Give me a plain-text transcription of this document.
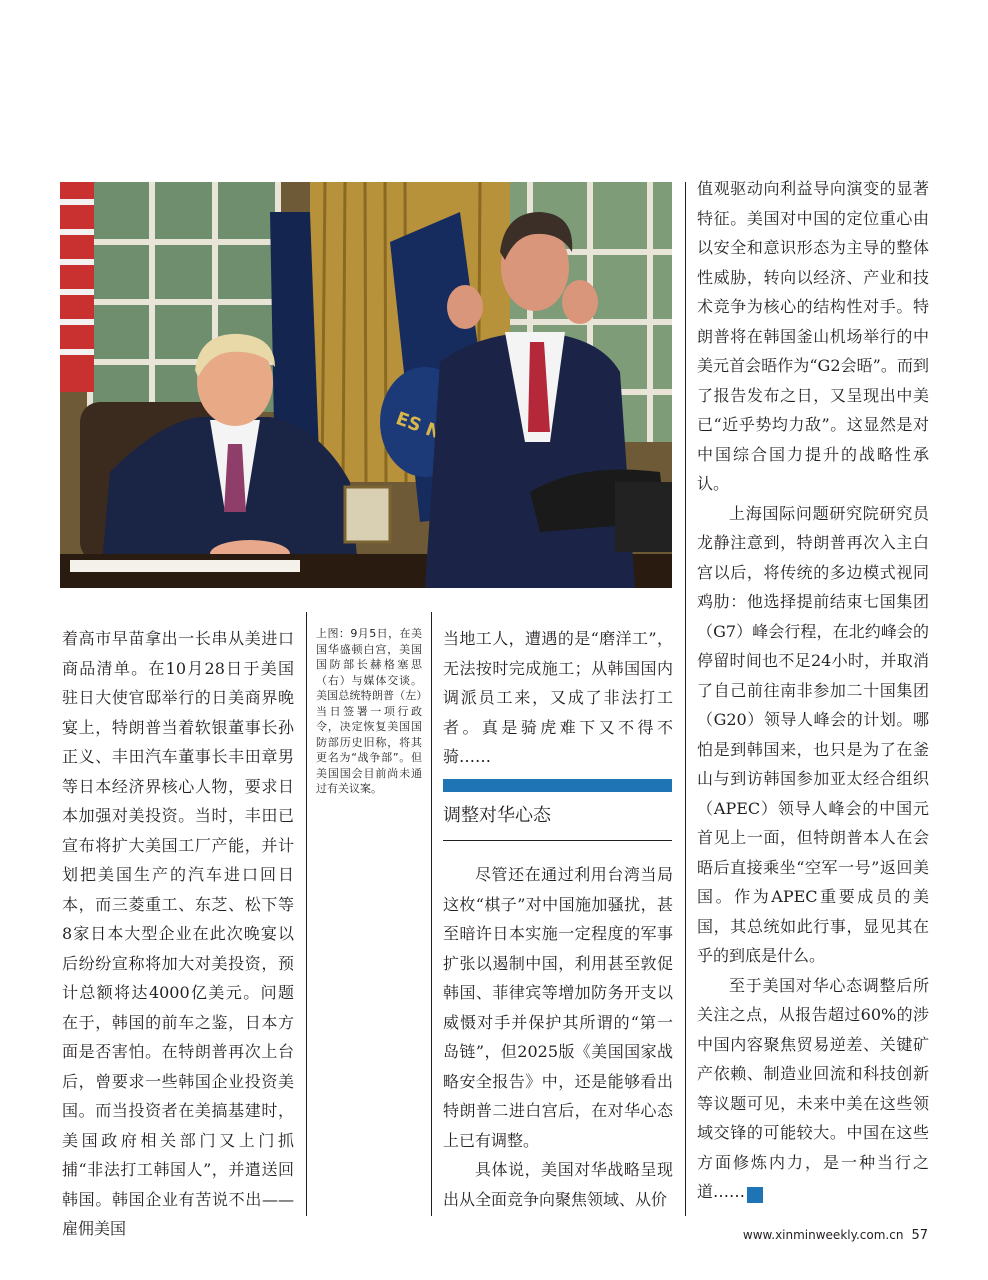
ES

着高市早苗拿出一长串从美进口商品清单。在10月28日于美国驻日大使官邸举行的日美商界晚宴上，特朗普当着软银董事长孙正义、丰田汽车董事长丰田章男等日本经济界核心人物，要求日本加强对美投资。当时，丰田已宣布将扩大美国工厂产能，并计划把美国生产的汽车进口回日本，而三菱重工、东芝、松下等8家日本大型企业在此次晚宴以后纷纷宣称将加大对美投资，预计总额将达4000亿美元。问题在于，韩国的前车之鉴，日本方面是否害怕。在特朗普再次上台后，曾要求一些韩国企业投资美国。而当投资者在美搞基建时，美国政府相关部门又上门抓捕“非法打工韩国人”，并遣送回韩国。韩国企业有苦说不出——雇佣美国

上图：9月5日，在美国华盛顿白宫，美国国防部长赫格塞思（右）与媒体交谈。美国总统特朗普（左）当日签署一项行政令，决定恢复美国国防部历史旧称，将其更名为“战争部”。但美国国会目前尚未通过有关议案。

当地工人，遭遇的是“磨洋工”，无法按时完成施工；从韩国国内调派员工来，又成了非法打工者。真是骑虎难下又不得不骑……

调整对华心态

尽管还在通过利用台湾当局这枚“棋子”对中国施加骚扰，甚至暗许日本实施一定程度的军事扩张以遏制中国，利用甚至敦促韩国、菲律宾等增加防务开支以威慑对手并保护其所谓的“第一岛链”，但2025版《美国国家战略安全报告》中，还是能够看出特朗普二进白宫后，在对华心态上已有调整。

具体说，美国对华战略呈现出从全面竞争向聚焦领域、从价

值观驱动向利益导向演变的显著特征。美国对中国的定位重心由以安全和意识形态为主导的整体性威胁，转向以经济、产业和技术竞争为核心的结构性对手。特朗普将在韩国釜山机场举行的中美元首会晤作为“G2会晤”。而到了报告发布之日，又呈现出中美已“近乎势均力敌”。这显然是对中国综合国力提升的战略性承认。

上海国际问题研究院研究员龙静注意到，特朗普再次入主白宫以后，将传统的多边模式视同鸡肋：他选择提前结束七国集团（G7）峰会行程，在北约峰会的停留时间也不足24小时，并取消了自己前往南非参加二十国集团（G20）领导人峰会的计划。哪怕是到韩国来，也只是为了在釜山与到访韩国参加亚太经合组织（APEC）领导人峰会的中国元首见上一面，但特朗普本人在会晤后直接乘坐“空军一号”返回美国。作为APEC重要成员的美国，其总统如此行事，显见其在乎的到底是什么。

至于美国对华心态调整后所关注之点，从报告超过60%的涉中国内容聚焦贸易逆差、关键矿产依赖、制造业回流和科技创新等议题可见，未来中美在这些领域交锋的可能较大。中国在这些方面修炼内力，是一种当行之道……	民

www.xinminweekly.com.cn 57
